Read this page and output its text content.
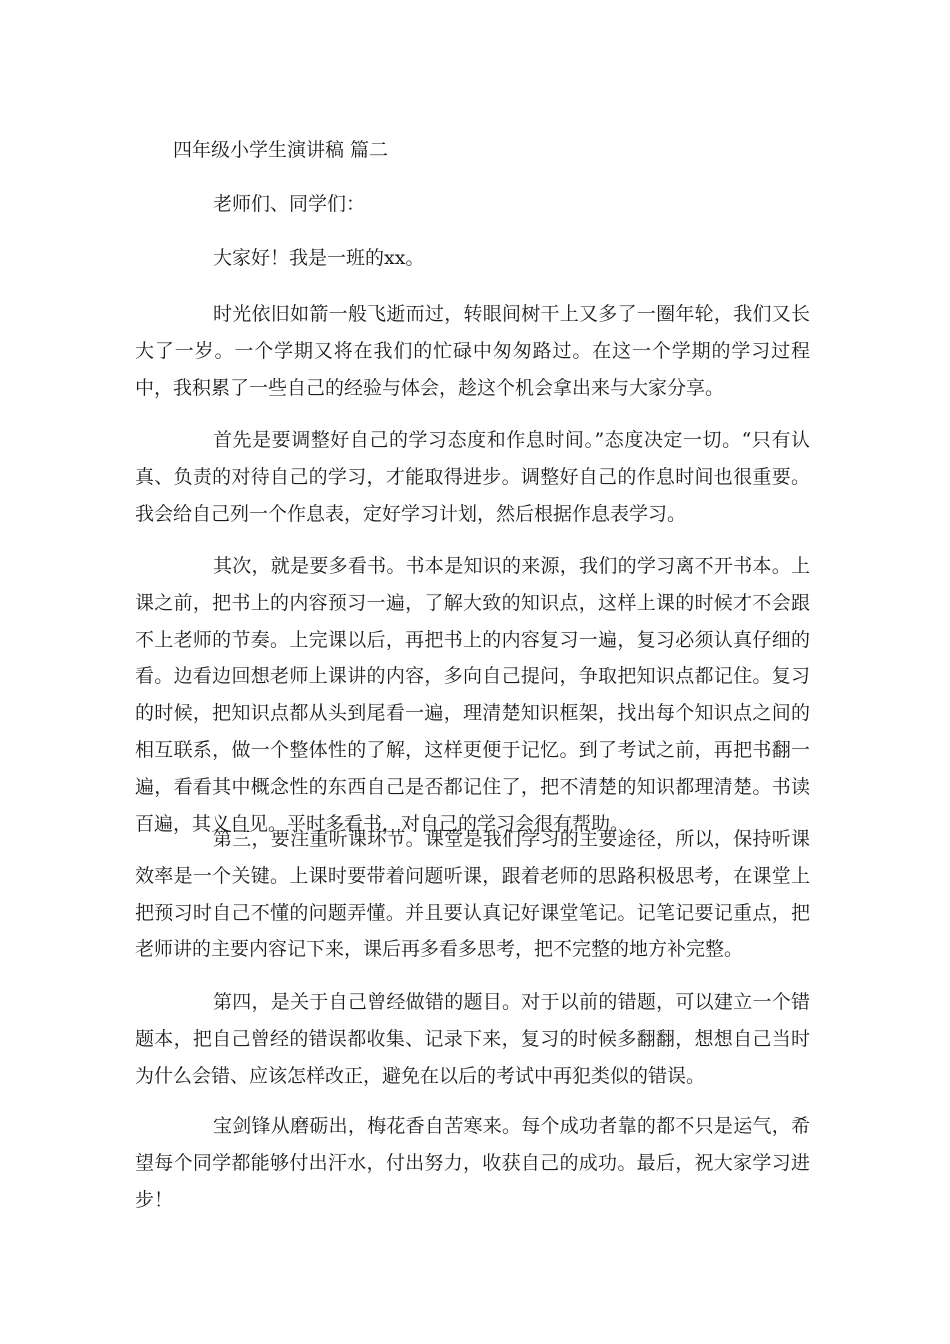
四年级小学生演讲稿 篇二

老师们、同学们：

大家好！我是一班的xx。

时光依旧如箭一般飞逝而过，转眼间树干上又多了一圈年轮，我们又长大了一岁。一个学期又将在我们的忙碌中匆匆路过。在这一个学期的学习过程中，我积累了一些自己的经验与体会，趁这个机会拿出来与大家分享。

首先是要调整好自己的学习态度和作息时间。”态度决定一切。“只有认真、负责的对待自己的学习，才能取得进步。调整好自己的作息时间也很重要。我会给自己列一个作息表，定好学习计划，然后根据作息表学习。

其次，就是要多看书。书本是知识的来源，我们的学习离不开书本。上课之前，把书上的内容预习一遍，了解大致的知识点，这样上课的时候才不会跟不上老师的节奏。上完课以后，再把书上的内容复习一遍，复习必须认真仔细的看。边看边回想老师上课讲的内容，多向自己提问，争取把知识点都记住。复习的时候，把知识点都从头到尾看一遍，理清楚知识框架，找出每个知识点之间的相互联系，做一个整体性的了解，这样更便于记忆。到了考试之前，再把书翻一遍，看看其中概念性的东西自己是否都记住了，把不清楚的知识都理清楚。书读百遍，其义自见。平时多看书，对自己的学习会很有帮助。

第三，要注重听课环节。课堂是我们学习的主要途径，所以，保持听课效率是一个关键。上课时要带着问题听课，跟着老师的思路积极思考，在课堂上把预习时自己不懂的问题弄懂。并且要认真记好课堂笔记。记笔记要记重点，把老师讲的主要内容记下来，课后再多看多思考，把不完整的地方补完整。

第四，是关于自己曾经做错的题目。对于以前的错题，可以建立一个错题本，把自己曾经的错误都收集、记录下来，复习的时候多翻翻，想想自己当时为什么会错、应该怎样改正，避免在以后的考试中再犯类似的错误。

宝剑锋从磨砺出，梅花香自苦寒来。每个成功者靠的都不只是运气，希望每个同学都能够付出汗水，付出努力，收获自己的成功。最后，祝大家学习进步！
